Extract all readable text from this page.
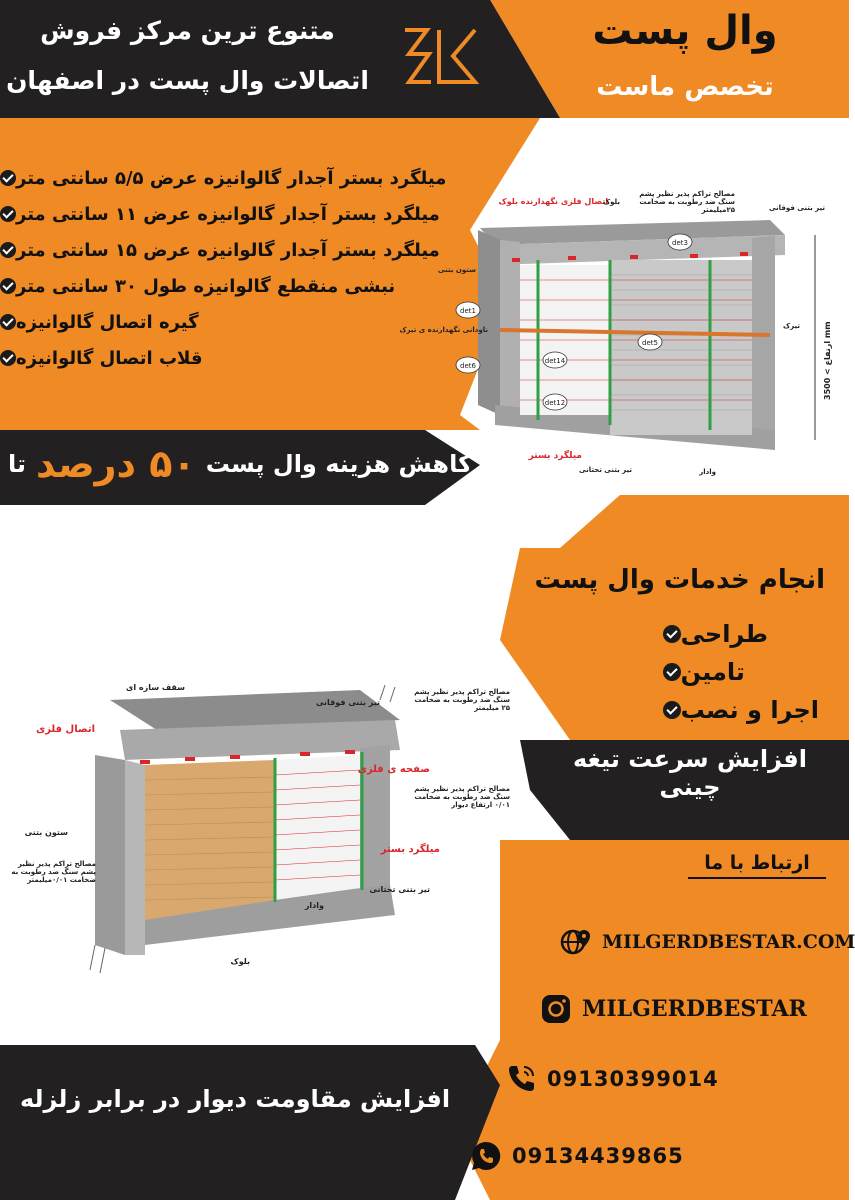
وال پست
تخصص ماست
متنوع ترین مرکز فروش
اتصالات وال پست در اصفهان
میلگرد بستر آجدار گالوانیزه عرض ۵/۵ سانتی متر
میلگرد بستر آجدار گالوانیزه عرض ۱۱ سانتی متر
میلگرد بستر آجدار گالوانیزه عرض ۱۵ سانتی متر
نبشی منقطع گالوانیزه طول ۳۰ سانتی متر
گیره اتصال گالوانیزه
قلاب اتصال گالوانیزه
det3
det1
det5
det6
det14
det12
تیر بتنی فوقانی
اتصال فلزی نگهدارنده بلوک
بلوک
ستون بتنی
ناودانی نگهدارنده ی تیرک	تیرک
میلگرد بستر
تیر بتنی تحتانی	وادار
ارتفاع > 3500 mm
مصالح تراکم پذیر نظیر پشم سنگ ضد رطوبت به ضخامت ۲۵میلیمتر
تا ۵۰ درصد کاهش هزینه وال پست
سقف سازه ای
تیر بتنی فوقانی
اتصال فلزی
صفحه ی فلزی
ستون بتنی
میلگرد بستر
تیر بتنی تحتانی
وادار
بلوک
مصالح تراکم پذیر نظیر پشم سنگ ضد رطوبت به ضخامت ۲۵ میلیمتر
مصالح تراکم پذیر نظیر پشم سنگ ضد رطوبت به ضخامت ۰/۰۱ ارتفاع دیوار
مصالح تراکم پذیر نظیر پشم سنگ ضد رطوبت به ضخامت ۰/۰۱میلیمتر
انجام خدمات وال پست
طراحی
تامین
اجرا و نصب
افزایش سرعت تیغه چینی
ارتباط با ما
MILGERDBESTAR.COM
MILGERDBESTAR
09130399014
09134439865
افزایش مقاومت دیوار در برابر زلزله
